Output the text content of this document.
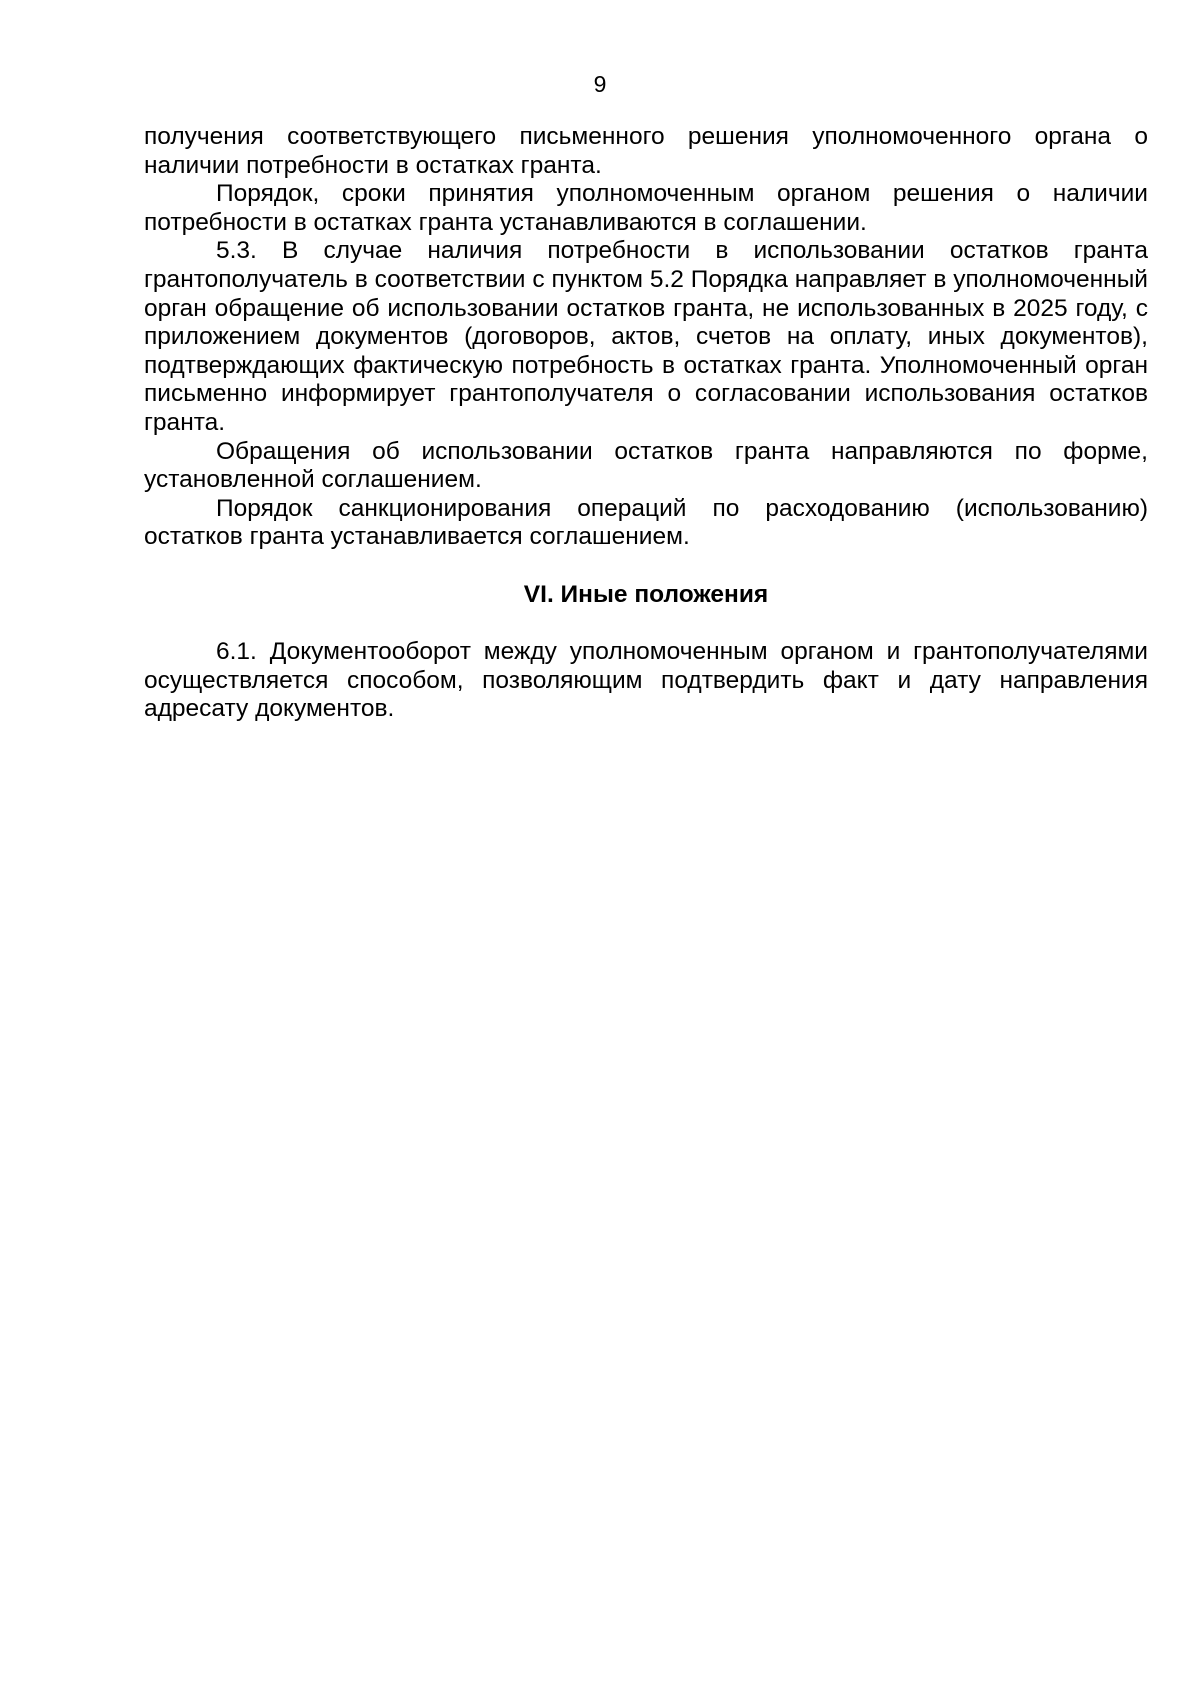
9

получения соответствующего письменного решения уполномоченного органа о наличии потребности в остатках гранта.

Порядок, сроки принятия уполномоченным органом решения о наличии потребности в остатках гранта устанавливаются в соглашении.

5.3. В случае наличия потребности в использовании остатков гранта грантополучатель в соответствии с пунктом 5.2 Порядка направляет в уполномоченный орган обращение об использовании остатков гранта, не использованных в 2025 году, с приложением документов (договоров, актов, счетов на оплату, иных документов), подтверждающих фактическую потребность в остатках гранта. Уполномоченный орган письменно информирует грантополучателя о согласовании использования остатков гранта.

Обращения об использовании остатков гранта направляются по форме, установленной соглашением.

Порядок санкционирования операций по расходованию (использованию) остатков гранта устанавливается соглашением.

VI. Иные положения

6.1. Документооборот между уполномоченным органом и грантополучателями осуществляется способом, позволяющим подтвердить факт и дату направления адресату документов.
